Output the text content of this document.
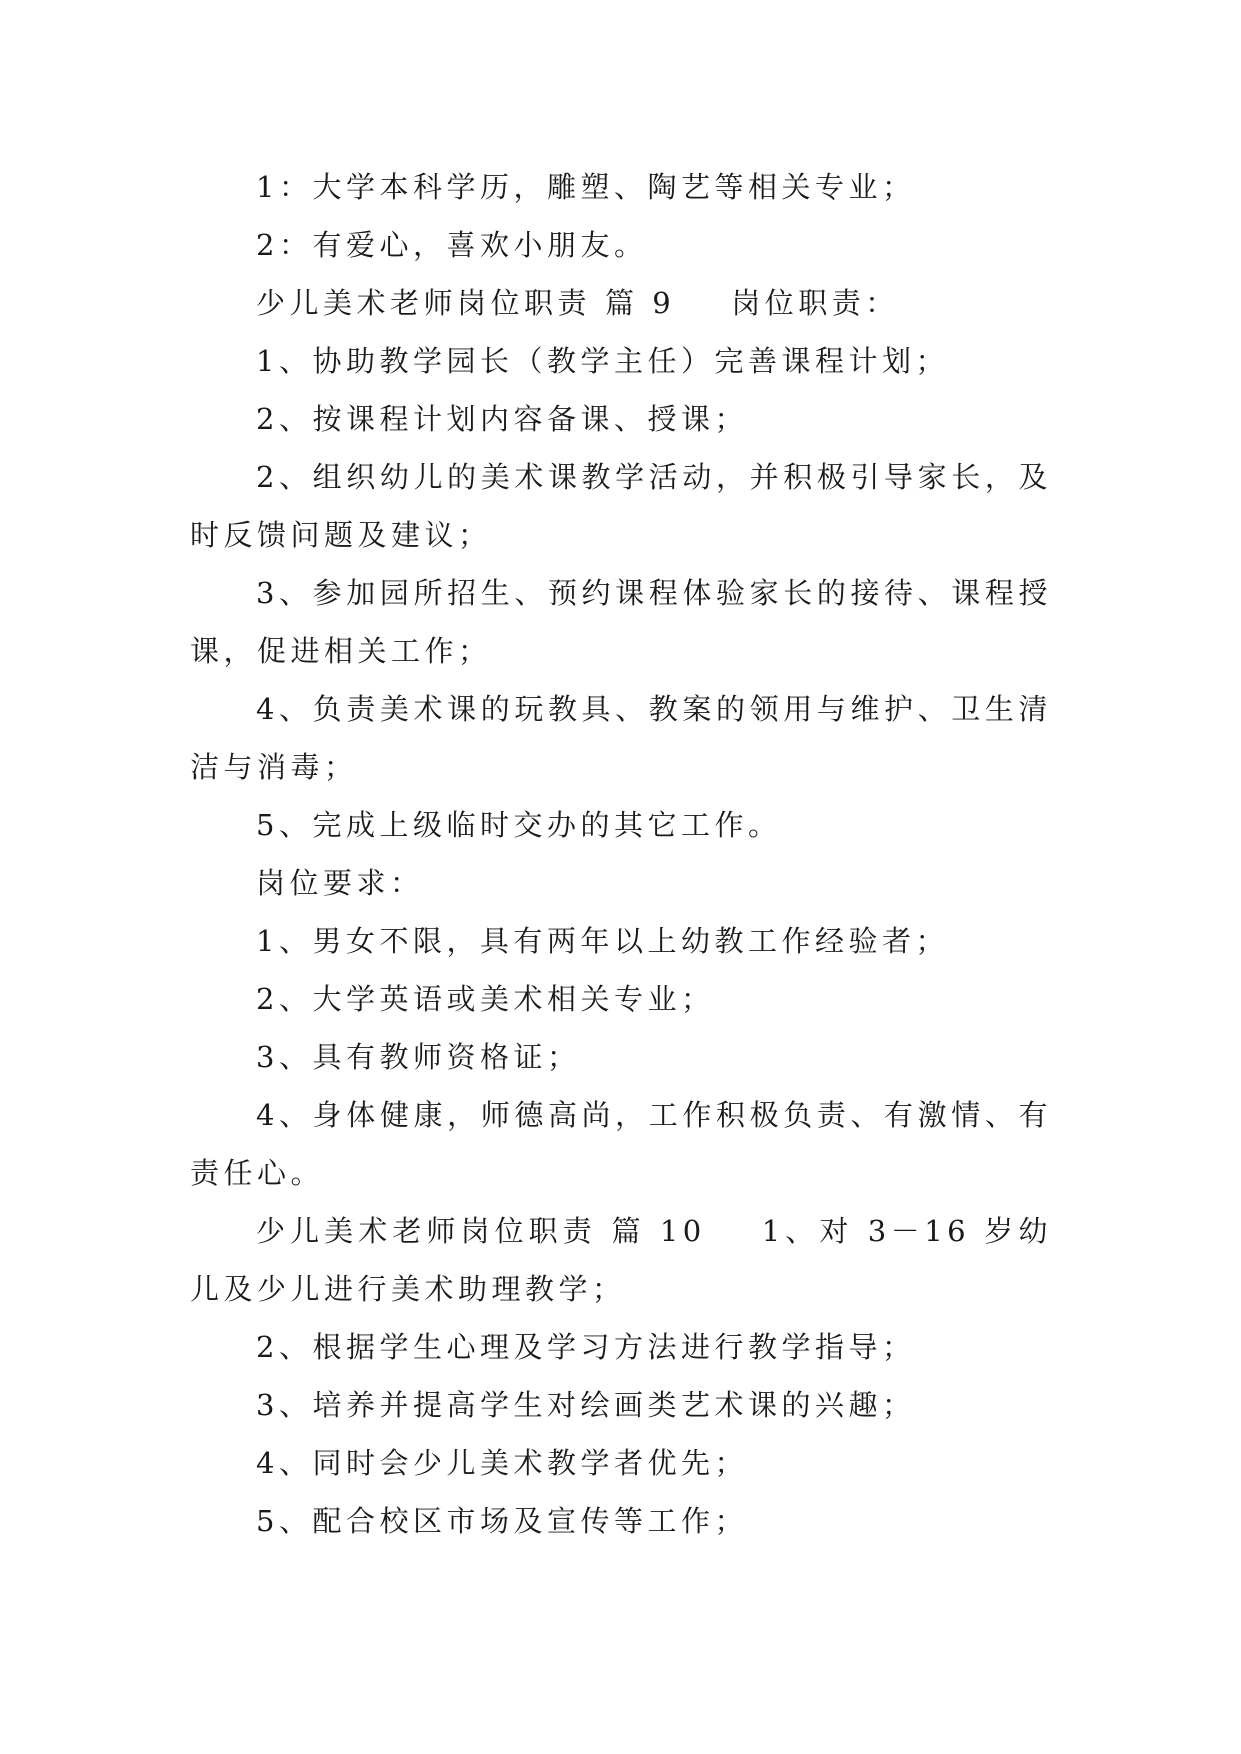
1：大学本科学历，雕塑、陶艺等相关专业；

2：有爱心，喜欢小朋友。

少儿美术老师岗位职责 篇 9 岗位职责：

1、协助教学园长（教学主任）完善课程计划；

2、按课程计划内容备课、授课；

2、组织幼儿的美术课教学活动，并积极引导家长，及时反馈问题及建议；

3、参加园所招生、预约课程体验家长的接待、课程授课，促进相关工作；

4、负责美术课的玩教具、教案的领用与维护、卫生清洁与消毒；

5、完成上级临时交办的其它工作。

岗位要求：

1、男女不限，具有两年以上幼教工作经验者；

2、大学英语或美术相关专业；

3、具有教师资格证；

4、身体健康，师德高尚，工作积极负责、有激情、有责任心。

少儿美术老师岗位职责 篇 10 1、对 3－16 岁幼儿及少儿进行美术助理教学；

2、根据学生心理及学习方法进行教学指导；

3、培养并提高学生对绘画类艺术课的兴趣；

4、同时会少儿美术教学者优先；

5、配合校区市场及宣传等工作；
